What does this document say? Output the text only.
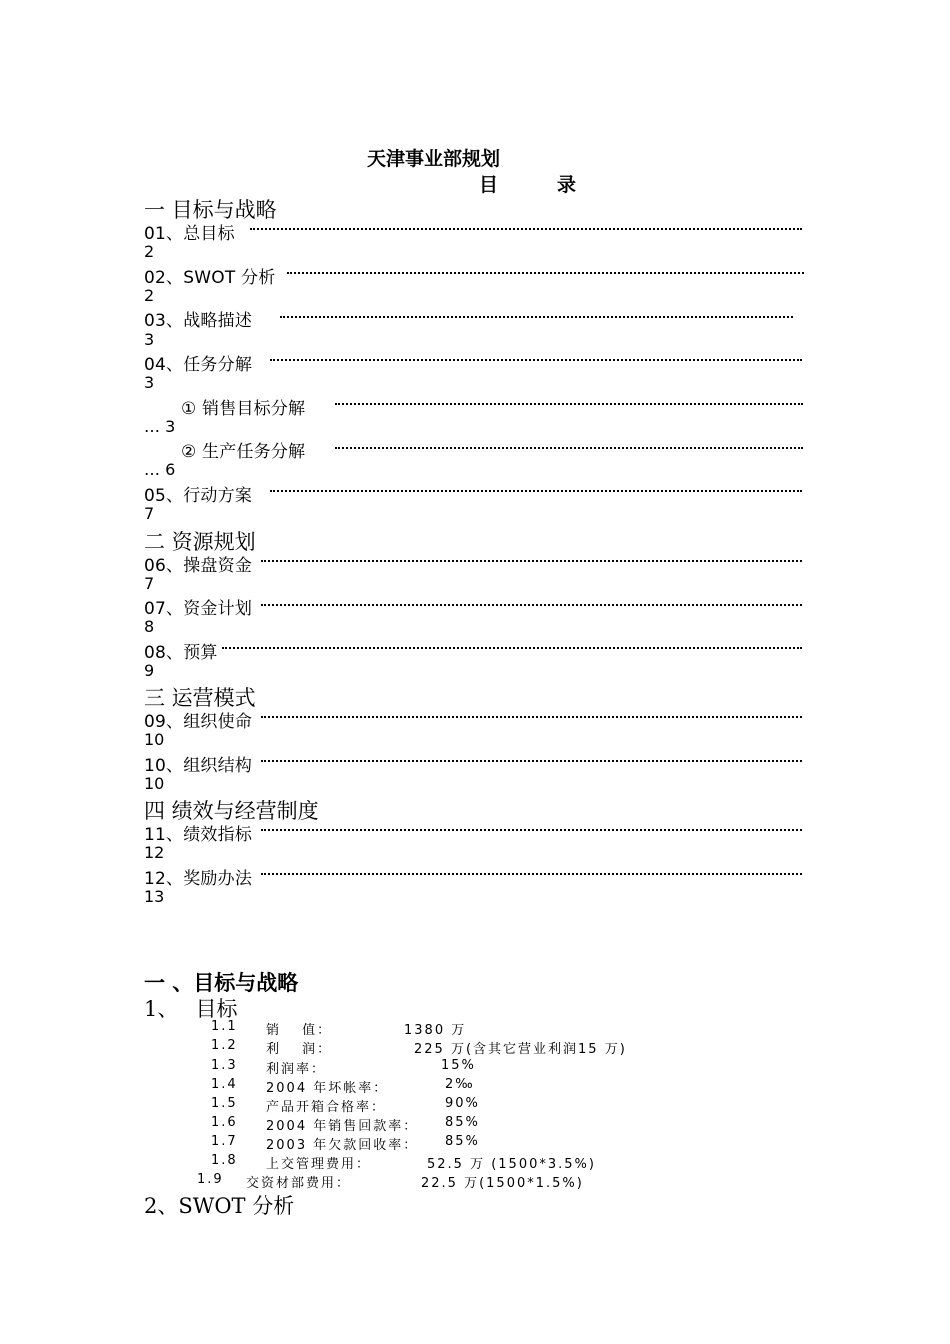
天津事业部规划
目	录
一 目标与战略
01、总目标
2
02、SWOT 分析
2
03、战略描述
3
04、任务分解
3
① 销售目标分解
… 3
② 生产任务分解
… 6
05、行动方案
7
二 资源规划
06、操盘资金
7
07、资金计划
8
08、预算
9
三 运营模式
09、组织使命
10
10、组织结构
10
四 绩效与经营制度
11、绩效指标
12
12、奖励办法
13
一 、目标与战略
1、　 目标
1.1 销　 值：	1380 万
1.2 利　 润：	225 万(含其它营业利润15 万)
1.3 利润率：	15%
1.4 2004 年坏帐率：	2‰
1.5 产品开箱合格率：	90%
1.6 2004 年销售回款率： 85%
1.7 2003 年欠款回收率： 85%
1.8 上交管理费用：	52.5 万 (1500*3.5%)
1.9 交资材部费用：	22.5 万(1500*1.5%)
2、SWOT 分析
